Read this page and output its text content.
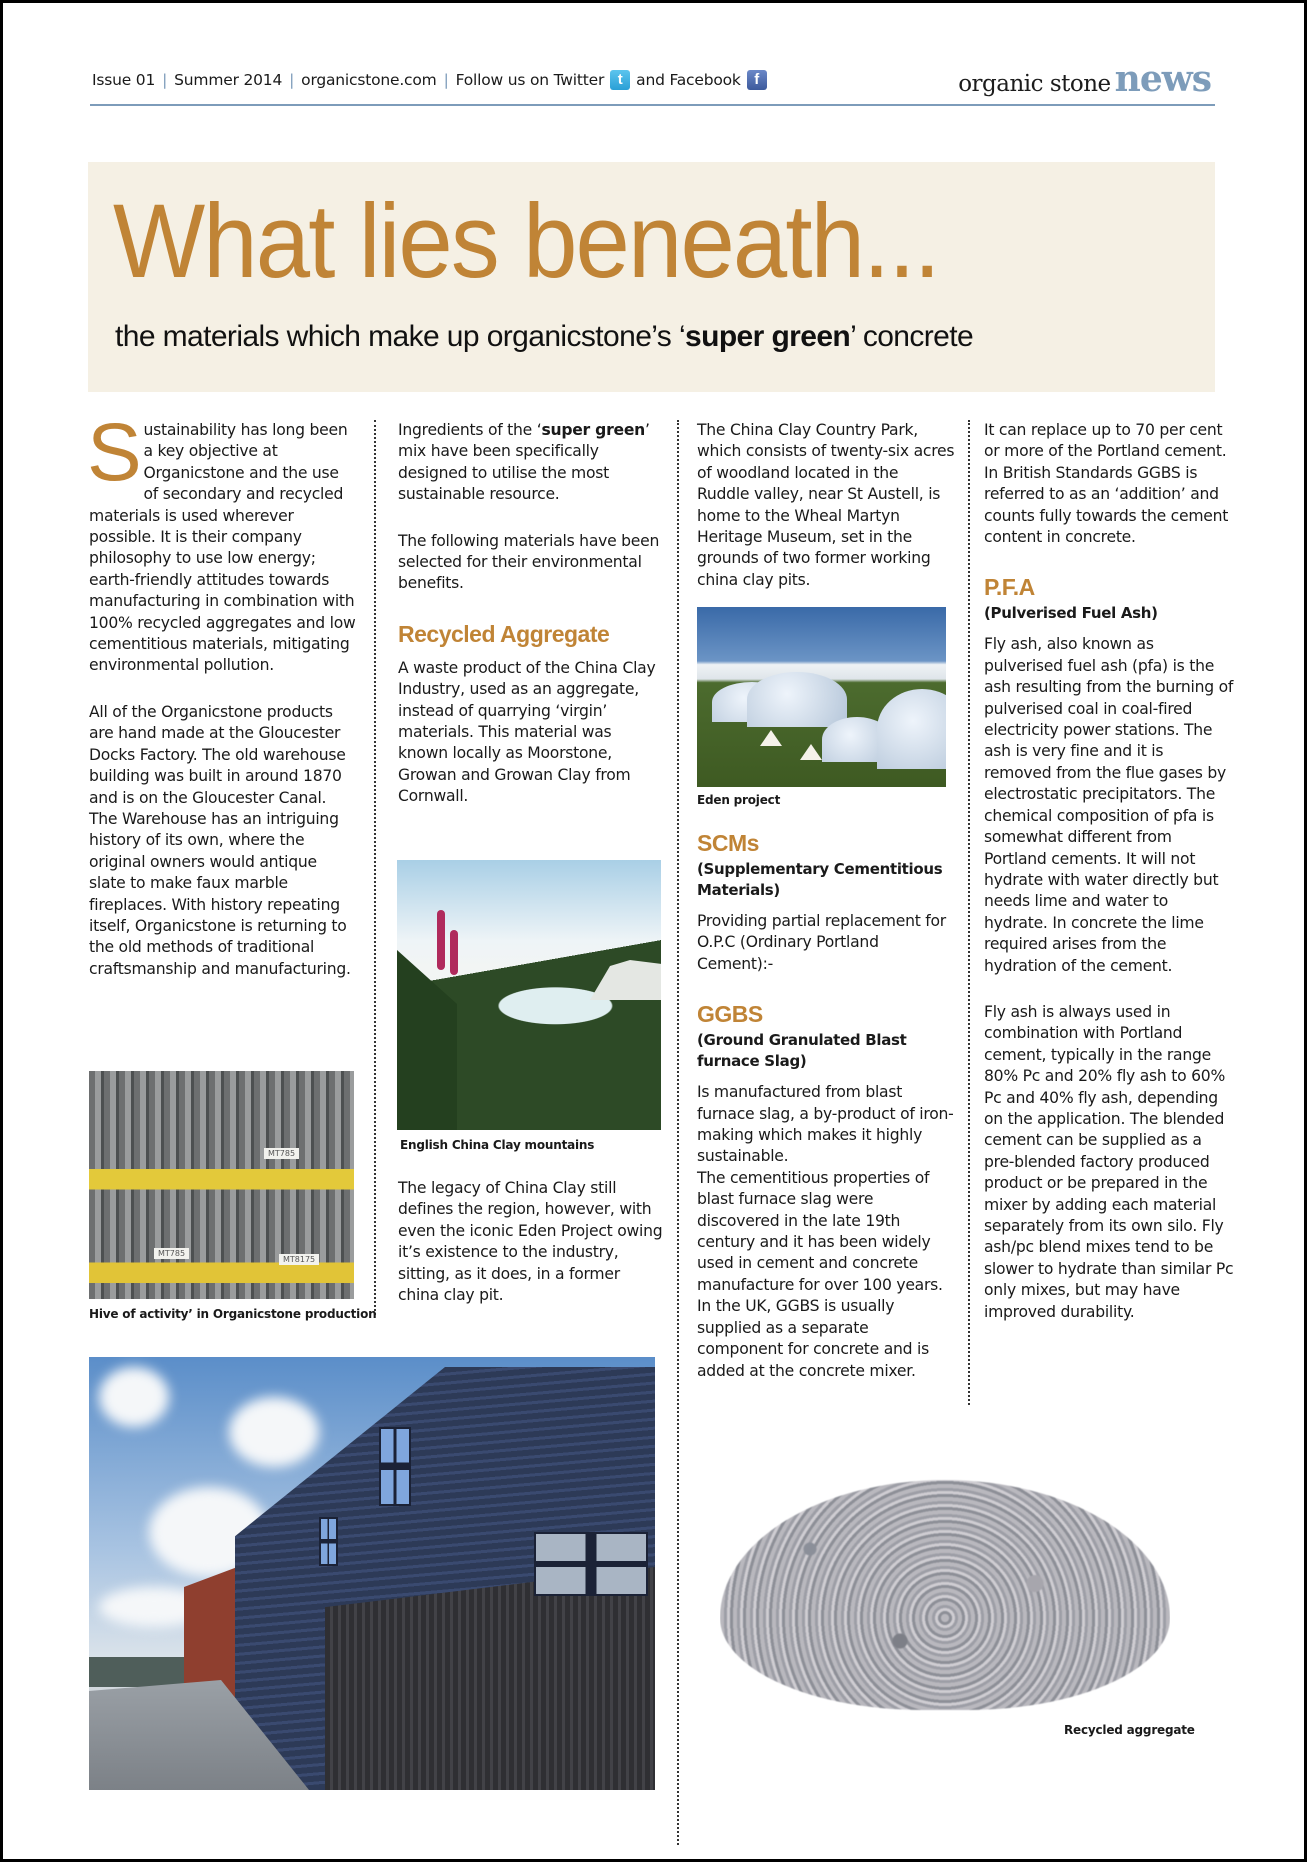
Issue 01 | Summer 2014 | organicstone.com | Follow us on Twitter t and Facebook f	organic stone news
What lies beneath...
the materials which make up organicstone’s ‘super green’ concrete

Sustainability has long been a key objective at Organicstone and the use of secondary and recycled materials is used wherever possible. It is their company philosophy to use low energy; earth-friendly attitudes towards manufacturing in combination with 100% recycled aggregates and low cementitious materials, mitigating environmental pollution.

All of the Organicstone products are hand made at the Gloucester Docks Factory. The old warehouse building was built in around 1870 and is on the Gloucester Canal. The Warehouse has an intriguing history of its own, where the original owners would antique slate to make faux marble fireplaces. With history repeating itself, Organicstone is returning to the old methods of traditional craftsmanship and manufacturing.

MT785
MT785
MT8175
Hive of activity’ in Organicstone production

Ingredients of the ‘super green’ mix have been specifically designed to utilise the most sustainable resource.

The following materials have been selected for their environmental benefits.

Recycled Aggregate

A waste product of the China Clay Industry, used as an aggregate, instead of quarrying ‘virgin’ materials. This material was known locally as Moorstone,

Growan and Growan Clay from Cornwall.

English China Clay mountains

The legacy of China Clay still defines the region, however, with even the iconic Eden Project owing it’s existence to the industry, sitting, as it does, in a former china clay pit.

The China Clay Country Park, which consists of twenty-six acres of woodland located in the Ruddle valley, near St Austell, is home to the Wheal Martyn Heritage Museum, set in the grounds of two former working china clay pits.

Eden project
SCMs
(Supplementary Cementitious Materials)

Providing partial replacement for O.P.C (Ordinary Portland Cement):-

GGBS
(Ground Granulated Blast furnace Slag)

Is manufactured from blast furnace slag, a by-product of iron-making which makes it highly sustainable.

The cementitious properties of blast furnace slag were discovered in the late 19th century and it has been widely used in cement and concrete manufacture for over 100 years. In the UK, GGBS is usually supplied as a separate component for concrete and is added at the concrete mixer.

It can replace up to 70 per cent or more of the Portland cement. In British Standards GGBS is referred to as an ‘addition’ and counts fully towards the cement content in concrete.

P.F.A
(Pulverised Fuel Ash)

Fly ash, also known as pulverised fuel ash (pfa) is the ash resulting from the burning of pulverised coal in coal-fired electricity power stations. The ash is very fine and it is removed from the flue gases by electrostatic precipitators. The chemical composition of pfa is somewhat different from Portland cements. It will not hydrate with water directly but needs lime and water to hydrate. In concrete the lime required arises from the hydration of the cement.

Fly ash is always used in combination with Portland cement, typically in the range 80% Pc and 20% fly ash to 60% Pc and 40% fly ash, depending on the application. The blended cement can be supplied as a pre-blended factory produced product or be prepared in the mixer by adding each material separately from its own silo. Fly ash/pc blend mixes tend to be slower to hydrate than similar Pc only mixes, but may have improved durability.

Recycled aggregate
